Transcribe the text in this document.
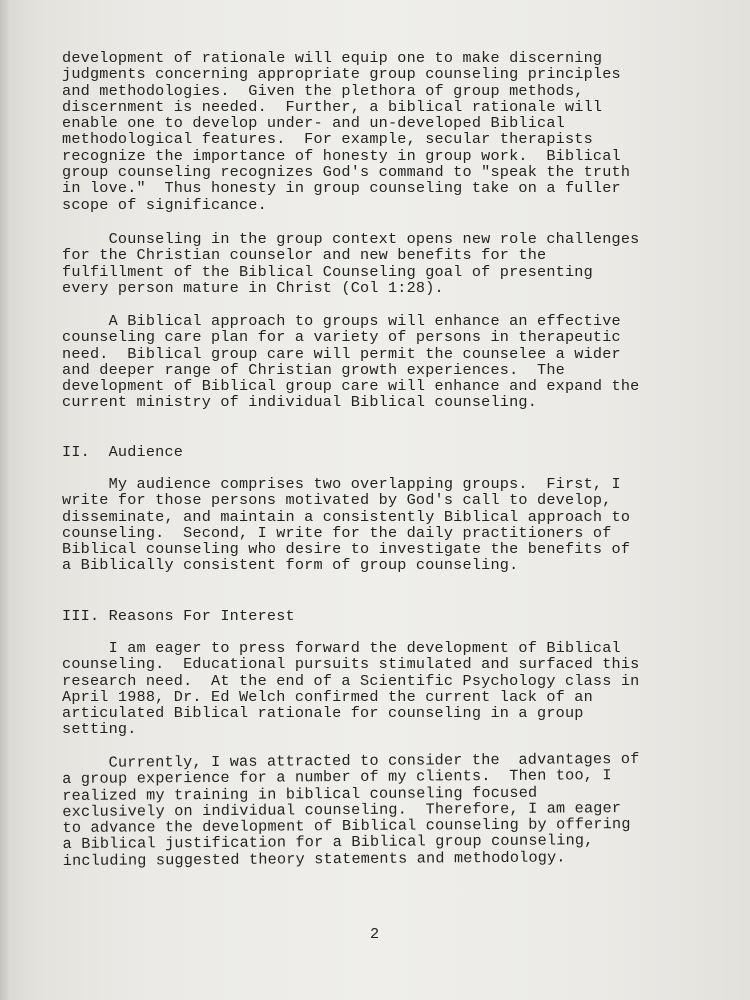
development of rationale will equip one to make discerning
judgments concerning appropriate group counseling principles
and methodologies.  Given the plethora of group methods,
discernment is needed.  Further, a biblical rationale will
enable one to develop under- and un-developed Biblical
methodological features.  For example, secular therapists
recognize the importance of honesty in group work.  Biblical
group counseling recognizes God's command to "speak the truth
in love."  Thus honesty in group counseling take on a fuller
scope of significance.

Counseling in the group context opens new role challenges
for the Christian counselor and new benefits for the
fulfillment of the Biblical Counseling goal of presenting
every person mature in Christ (Col 1:28).

A Biblical approach to groups will enhance an effective
counseling care plan for a variety of persons in therapeutic
need.  Biblical group care will permit the counselee a wider
and deeper range of Christian growth experiences.  The
development of Biblical group care will enhance and expand the
current ministry of individual Biblical counseling.

II.  Audience

My audience comprises two overlapping groups.  First, I
write for those persons motivated by God's call to develop,
disseminate, and maintain a consistently Biblical approach to
counseling.  Second, I write for the daily practitioners of
Biblical counseling who desire to investigate the benefits of
a Biblically consistent form of group counseling.

III. Reasons For Interest

I am eager to press forward the development of Biblical
counseling.  Educational pursuits stimulated and surfaced this
research need.  At the end of a Scientific Psychology class in
April 1988, Dr. Ed Welch confirmed the current lack of an
articulated Biblical rationale for counseling in a group
setting.

Currently, I was attracted to consider the  advantages of
a group experience for a number of my clients.  Then too, I
realized my training in biblical counseling focused
exclusively on individual counseling.  Therefore, I am eager
to advance the development of Biblical counseling by offering
a Biblical justification for a Biblical group counseling,
including suggested theory statements and methodology.

2
